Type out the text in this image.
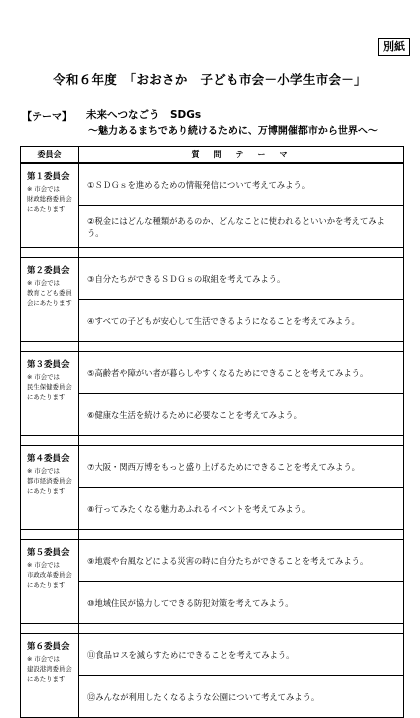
別紙
令和６年度　「おおさか　子ども市会－小学生市会－」
【テーマ】 未来へつなごう　SDGs
～魅力あるまちであり続けるために、万博開催都市から世界へ～
委員会	質　問　テ　ー　マ

第１委員会
※ 市会では
財政総務委員会
にあたります	①ＳＤＧｓを進めるための情報発信について考えてみよう。
	②税金にはどんな種類があるのか、どんなことに使われるといいかを考えてみよう。

第２委員会
※ 市会では
教育こども委員
会にあたります	③自分たちができるＳＤＧｓの取組を考えてみよう。
	④すべての子どもが安心して生活できるようになることを考えてみよう。

第３委員会
※ 市会では
民生保健委員会
にあたります	⑤高齢者や障がい者が暮らしやすくなるためにできることを考えてみよう。
	⑥健康な生活を続けるために必要なことを考えてみよう。

第４委員会
※ 市会では
都市経済委員会
にあたります	⑦大阪・関西万博をもっと盛り上げるためにできることを考えてみよう。
	⑧行ってみたくなる魅力あふれるイベントを考えてみよう。

第５委員会
※ 市会では
市政改革委員会
にあたります	⑨地震や台風などによる災害の時に自分たちができることを考えてみよう。
	⑩地域住民が協力してできる防犯対策を考えてみよう。

第６委員会
※ 市会では
建設港湾委員会
にあたります	⑪食品ロスを減らすためにできることを考えてみよう。
	⑫みんなが利用したくなるような公園について考えてみよう。
